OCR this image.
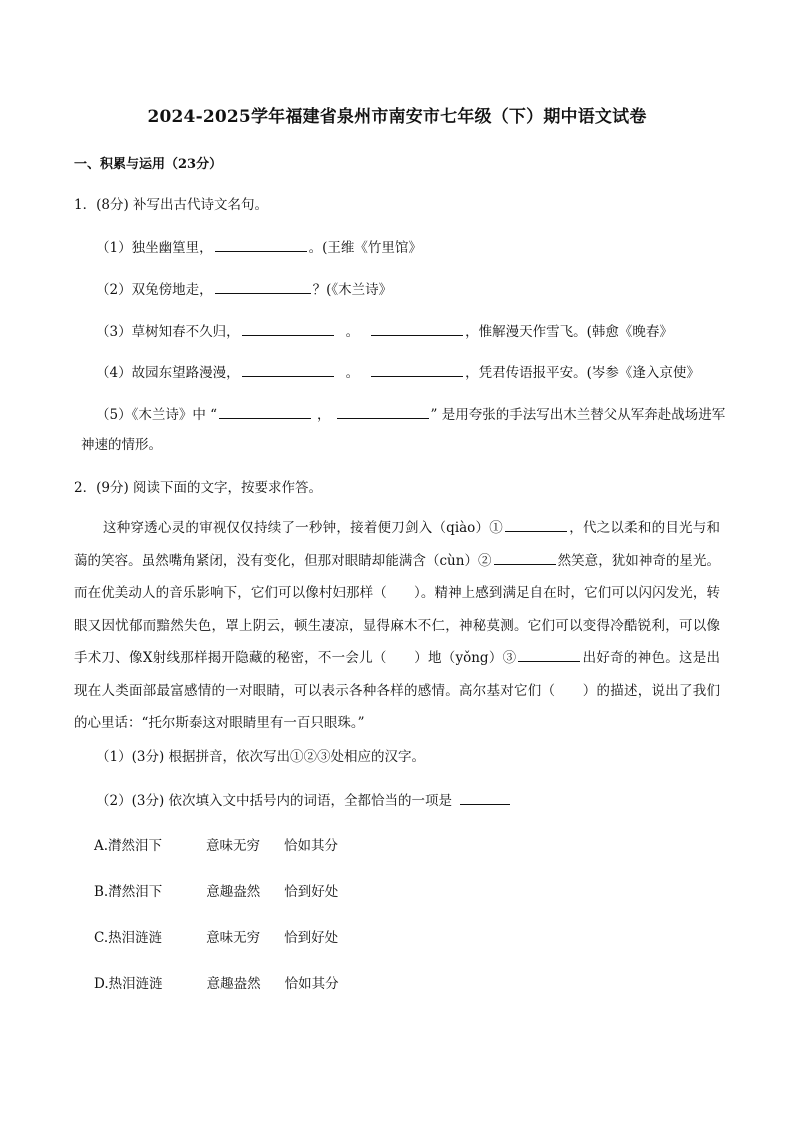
2024-2025学年福建省泉州市南安市七年级（下）期中语文试卷
一、积累与运用（23分）
1．(8分) 补写出古代诗文名句。
（1）独坐幽篁里，	。(王维《竹里馆》
（2）双兔傍地走，	？(《木兰诗》
（3）草树知春不久归，	。	，惟解漫天作雪飞。(韩愈《晚春》
（4）故园东望路漫漫，	。	，凭君传语报平安。(岑参《逢入京使》
（5）《木兰诗》中 “	，	” 是用夸张的手法写出木兰替父从军奔赴战场进军
神速的情形。
2．(9分) 阅读下面的文字，按要求作答。

这种穿透心灵的审视仅仅持续了一秒钟，接着便刀剑入（qiào）①	，代之以柔和的目光与和蔼的笑容。虽然嘴角紧闭，没有变化，但那对眼睛却能满含（cùn）②	然笑意，犹如神奇的星光。而在优美动人的音乐影响下，它们可以像村妇那样（　　）。精神上感到满足自在时，它们可以闪闪发光，转眼又因忧郁而黯然失色，罩上阴云，顿生凄凉，显得麻木不仁，神秘莫测。它们可以变得冷酷锐利，可以像手术刀、像X射线那样揭开隐藏的秘密，不一会儿（　　）地（yǒng）③	出好奇的神色。这是出现在人类面部最富感情的一对眼睛，可以表示各种各样的感情。高尔基对它们（　　）的描述，说出了我们的心里话：“托尔斯泰这对眼睛里有一百只眼珠。”

（1）(3分) 根据拼音，依次写出①②③处相应的汉字。
（2）(3分) 依次填入文中括号内的词语，全都恰当的一项是
A.潸然泪下	意味无穷 恰如其分
B.潸然泪下	意趣盎然 恰到好处
C.热泪涟涟	意味无穷 恰到好处
D.热泪涟涟	意趣盎然 恰如其分
